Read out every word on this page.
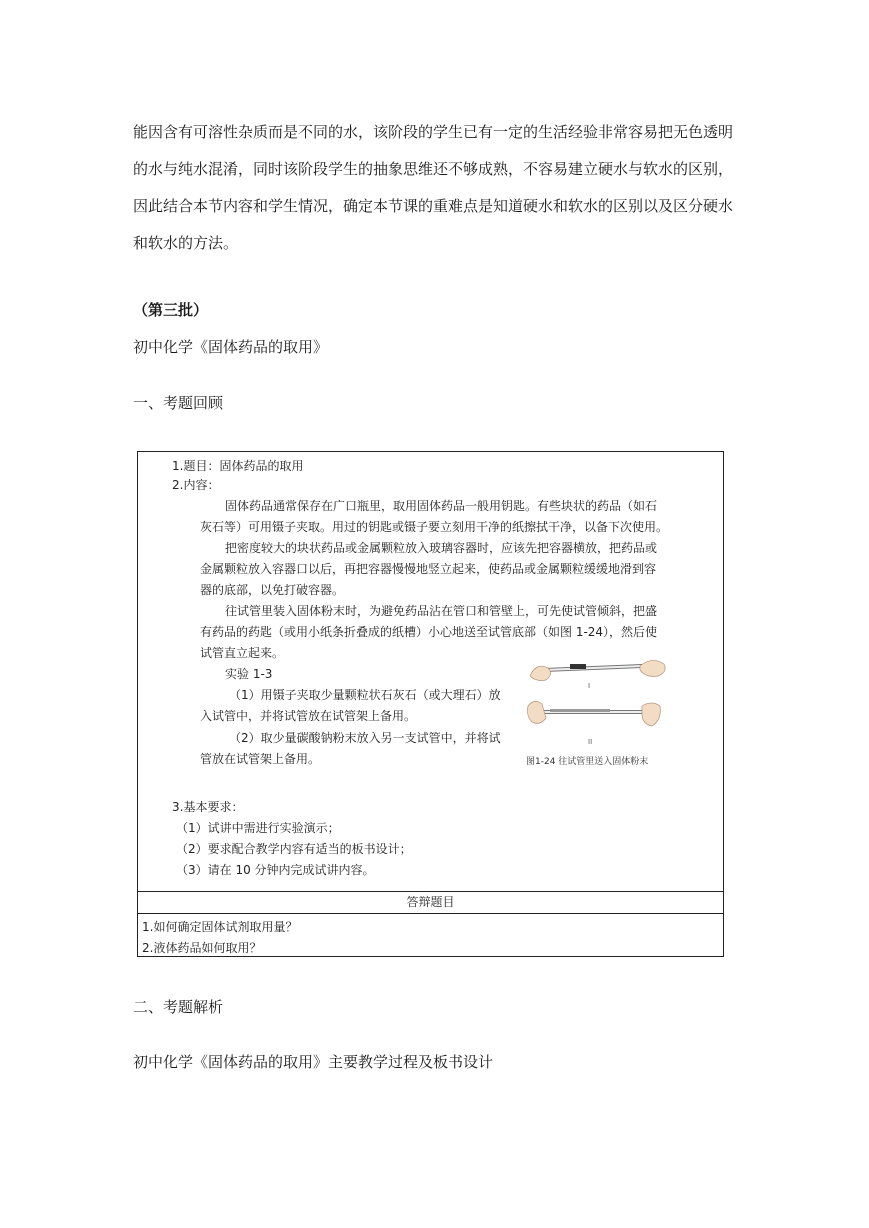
能因含有可溶性杂质而是不同的水，该阶段的学生已有一定的生活经验非常容易把无色透明
的水与纯水混淆，同时该阶段学生的抽象思维还不够成熟，不容易建立硬水与软水的区别，
因此结合本节内容和学生情况，确定本节课的重难点是知道硬水和软水的区别以及区分硬水
和软水的方法。

（第三批）

初中化学《固体药品的取用》

一、考题回顾

1.题目：固体药品的取用
2.内容：
固体药品通常保存在广口瓶里，取用固体药品一般用钥匙。有些块状的药品（如石
灰石等）可用镊子夹取。用过的钥匙或镊子要立刻用干净的纸擦拭干净，以备下次使用。
把密度较大的块状药品或金属颗粒放入玻璃容器时，应该先把容器横放，把药品或
金属颗粒放入容器口以后，再把容器慢慢地竖立起来，使药品或金属颗粒缓缓地滑到容
器的底部，以免打破容器。
往试管里装入固体粉末时，为避免药品沾在管口和管壁上，可先使试管倾斜，把盛
有药品的药匙（或用小纸条折叠成的纸槽）小心地送至试管底部（如图 1-24），然后使
试管直立起来。
实验 1-3
（1）用镊子夹取少量颗粒状石灰石（或大理石）放
入试管中，并将试管放在试管架上备用。
（2）取少量碳酸钠粉末放入另一支试管中，并将试
管放在试管架上备用。
I
II
图1-24 往试管里送入固体粉末
3.基本要求：
（1）试讲中需进行实验演示；
（2）要求配合教学内容有适当的板书设计；
（3）请在 10 分钟内完成试讲内容。
答辩题目
1.如何确定固体试剂取用量？
2.液体药品如何取用？

二、考题解析

初中化学《固体药品的取用》主要教学过程及板书设计
